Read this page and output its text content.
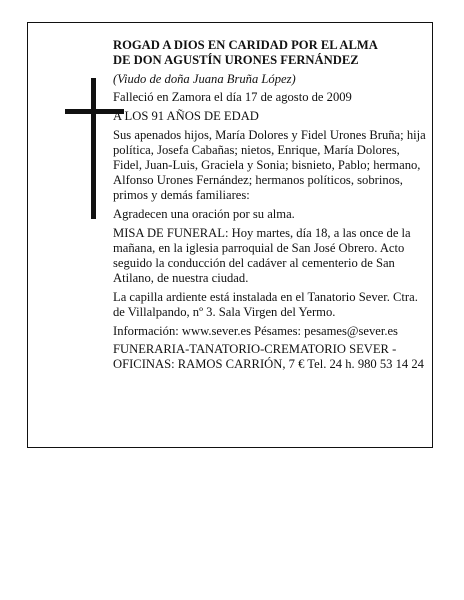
ROGAD A DIOS EN CARIDAD POR EL ALMA
DE DON AGUSTÍN URONES FERNÁNDEZ

(Viudo de doña Juana Bruña López)

Falleció en Zamora el día 17 de agosto de 2009

A LOS 91 AÑOS DE EDAD

Sus apenados hijos, María Dolores y Fidel Urones Bruña; hija política, Josefa Cabañas; nietos, Enrique, María Dolores, Fidel, Juan-Luis, Graciela y Sonia; bisnieto, Pablo; hermano, Alfonso Urones Fernández; hermanos políticos, sobrinos, primos y demás familiares:

Agradecen una oración por su alma.

MISA DE FUNERAL: Hoy martes, día 18, a las once de la mañana, en la iglesia parroquial de San José Obrero. Acto seguido la conducción del cadáver al cementerio de San Atilano, de nuestra ciudad.

La capilla ardiente está instalada en el Tanatorio Sever. Ctra. de Villalpando, nº 3. Sala Virgen del Yermo.

Información: www.sever.es Pésames: pesames@sever.es

FUNERARIA-TANATORIO-CREMATORIO SEVER - OFICINAS: RAMOS CARRIÓN, 7 € Tel. 24 h. 980 53 14 24
